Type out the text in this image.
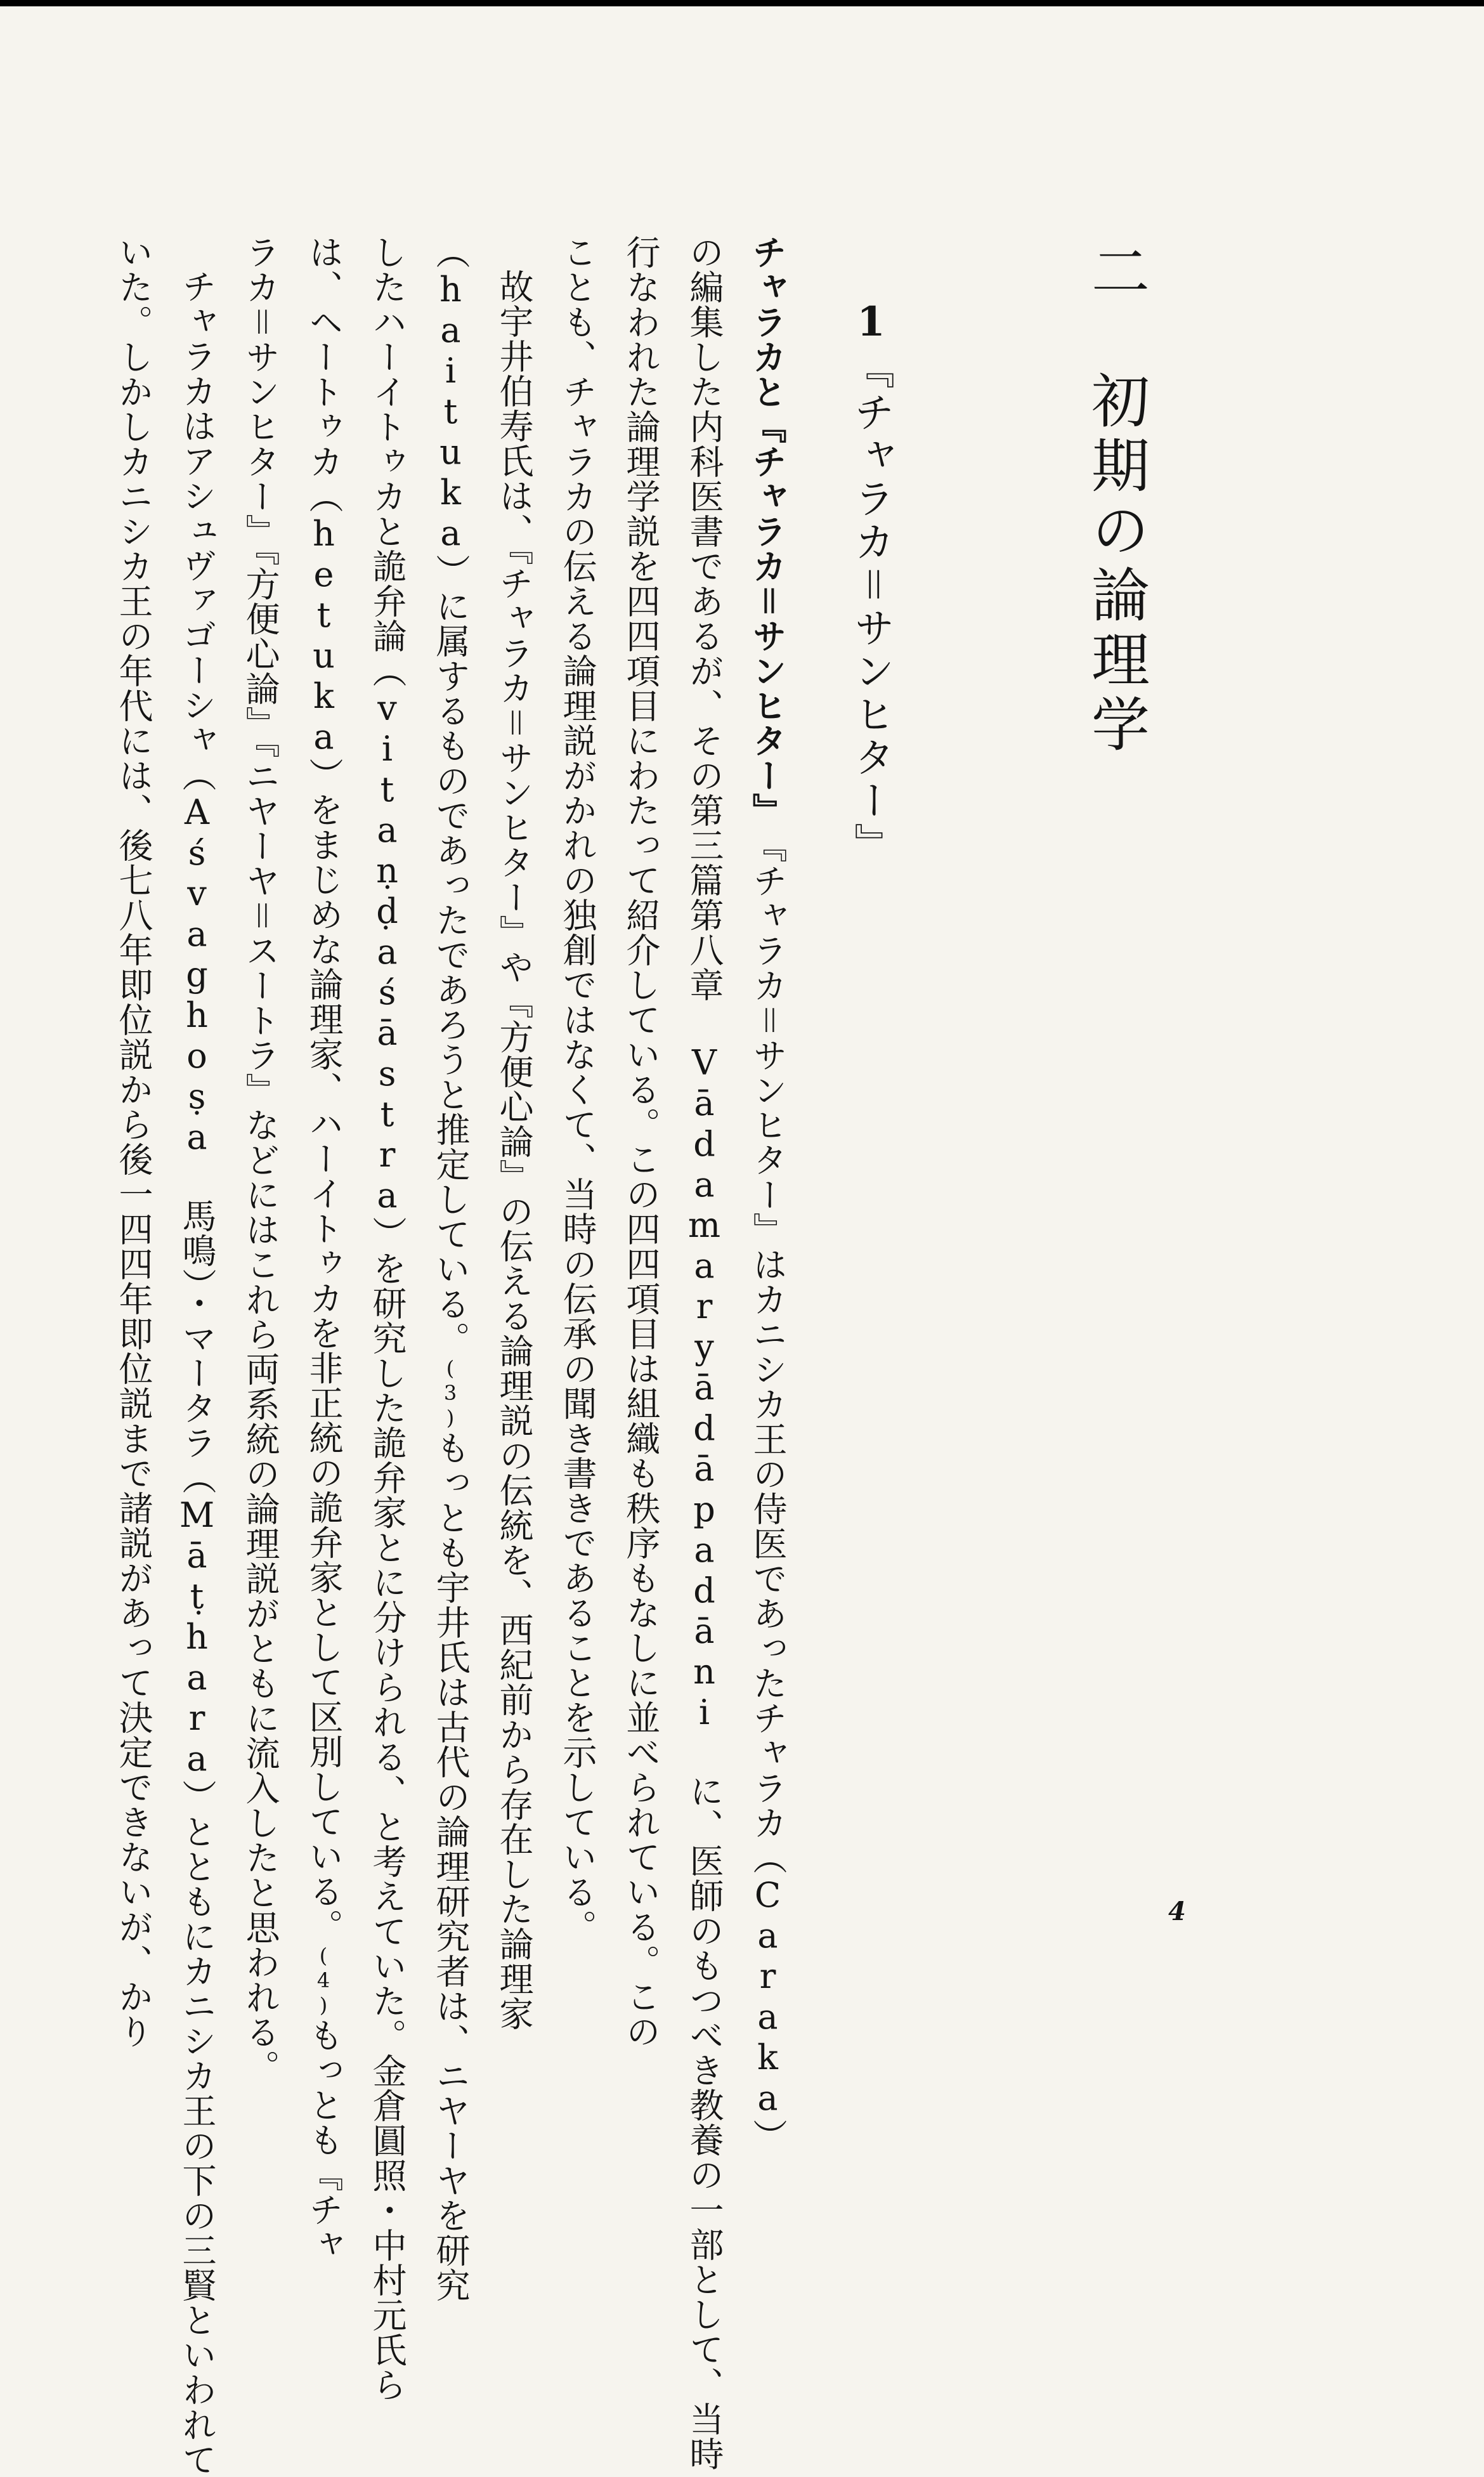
二　初期の論理学
1『チャラカ＝サンヒター』
チャラカと『チャラカ＝サンヒター』　『チャラカ＝サンヒター』はカニシカ王の侍医であったチャラカ（Caraka）
の編集した内科医書であるが、その第三篇第八章 Vādamaryādāpadāni に、医師のもつべき教養の一部として、当時
行なわれた論理学説を四四項目にわたって紹介している。この四四項目は組織も秩序もなしに並べられている。この
ことも、チャラカの伝える論理説がかれの独創ではなくて、当時の伝承の聞き書きであることを示している。
故宇井伯寿氏は、『チャラカ＝サンヒター』や『方便心論』の伝える論理説の伝統を、西紀前から存在した論理家
（haituka）に属するものであったであろうと推定している。(3)もっとも宇井氏は古代の論理研究者は、ニヤーヤを研究
したハーイトゥカと詭弁論（vitaṇḍaśāstra）を研究した詭弁家とに分けられる、と考えていた。金倉圓照・中村元氏ら
は、ヘートゥカ（hetuka）をまじめな論理家、ハーイトゥカを非正統の詭弁家として区別している。(4)もっとも『チャ
ラカ＝サンヒター』『方便心論』『ニヤーヤ＝スートラ』などにはこれら両系統の論理説がともに流入したと思われる。
チャラカはアシュヴァゴーシャ（Aśvaghoṣa 馬鳴）・マータラ（Māṭhara）とともにカニシカ王の下の三賢といわれて
いた。しかしカニシカ王の年代には、後七八年即位説から後一四四年即位説まで諸説があって決定できないが、かり	4
